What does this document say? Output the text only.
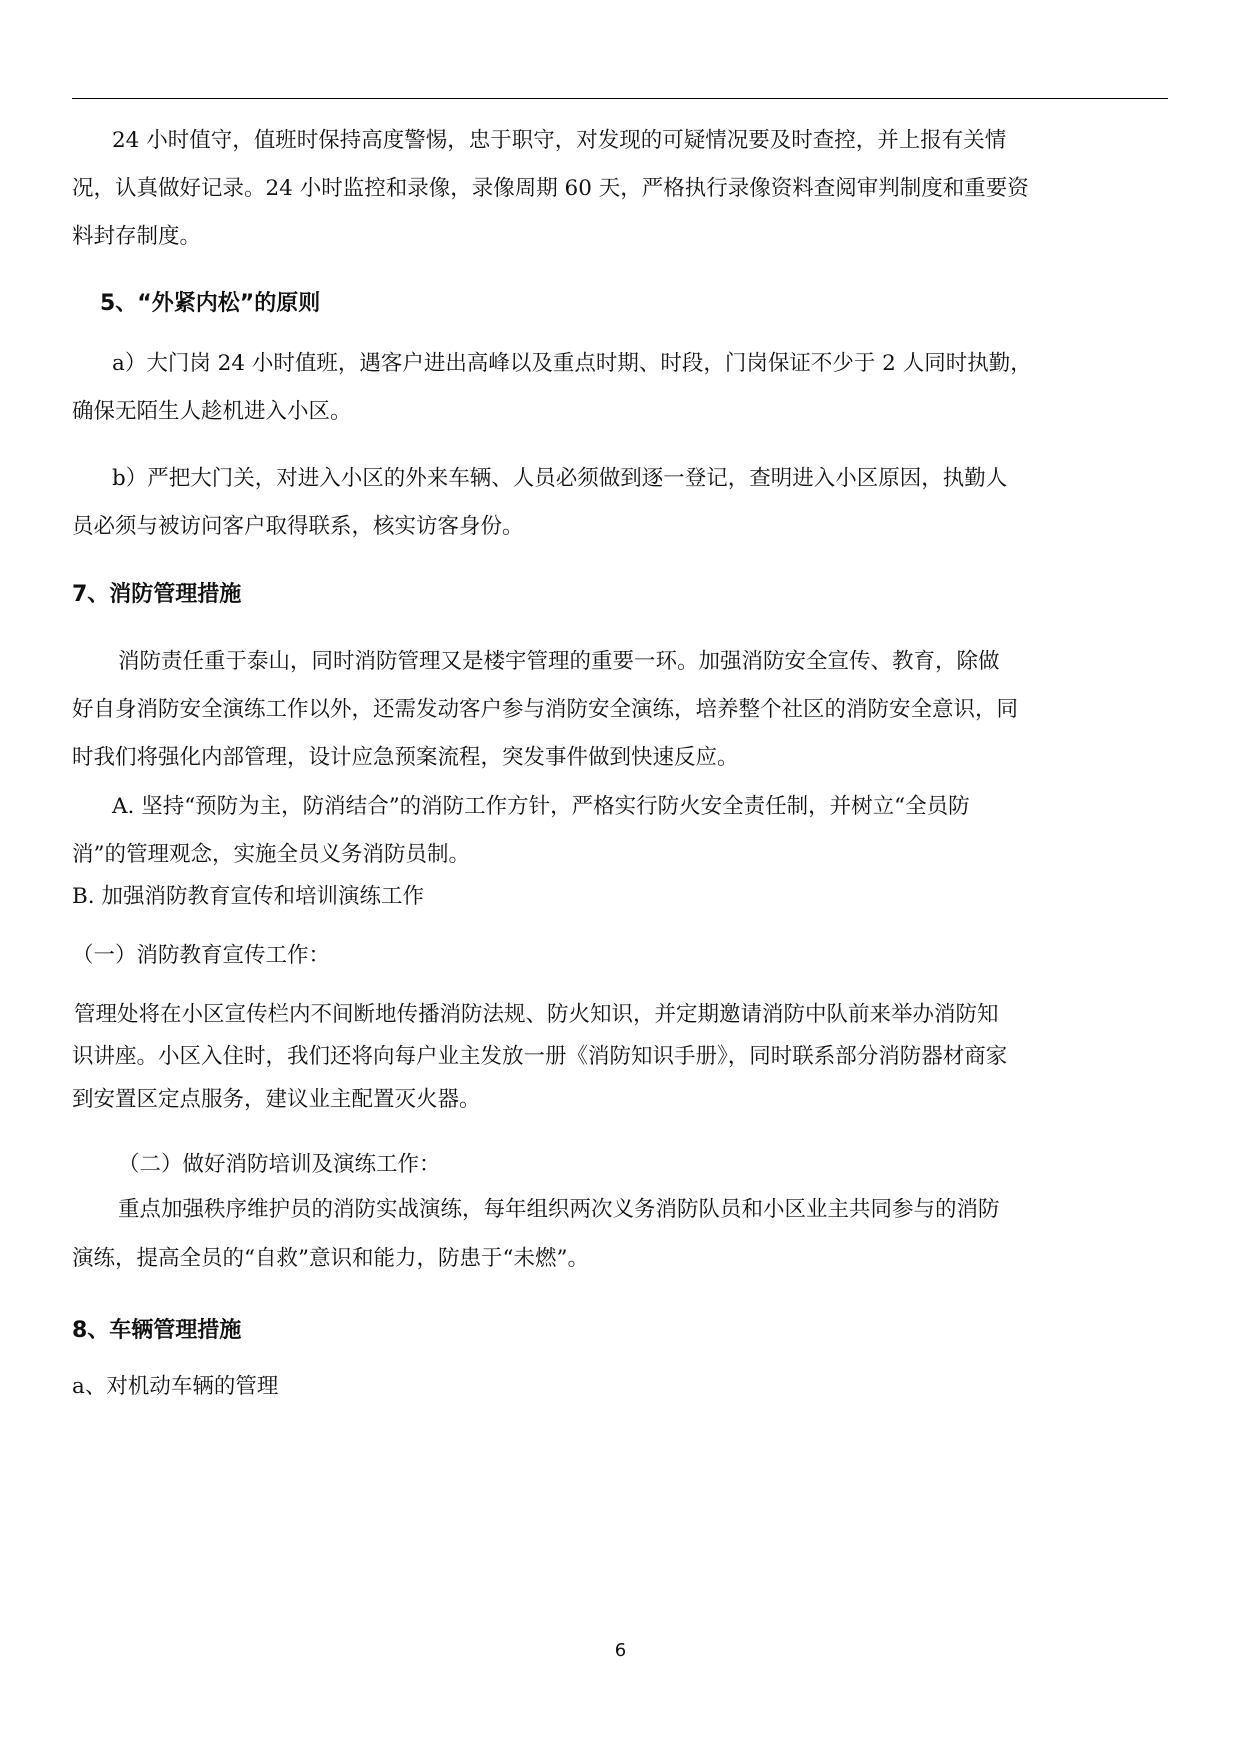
24 小时值守，值班时保持高度警惕，忠于职守，对发现的可疑情况要及时查控，并上报有关情

况，认真做好记录。24 小时监控和录像，录像周期 60 天，严格执行录像资料查阅审判制度和重要资

料封存制度。

5、“外紧内松”的原则

a）大门岗 24 小时值班，遇客户进出高峰以及重点时期、时段，门岗保证不少于 2 人同时执勤，

确保无陌生人趁机进入小区。

b）严把大门关，对进入小区的外来车辆、人员必须做到逐一登记，查明进入小区原因，执勤人

员必须与被访问客户取得联系，核实访客身份。

7、消防管理措施

消防责任重于泰山，同时消防管理又是楼宇管理的重要一环。加强消防安全宣传、教育，除做

好自身消防安全演练工作以外，还需发动客户参与消防安全演练，培养整个社区的消防安全意识，同

时我们将强化内部管理，设计应急预案流程，突发事件做到快速反应。

A. 坚持“预防为主，防消结合”的消防工作方针，严格实行防火安全责任制，并树立“全员防

消”的管理观念，实施全员义务消防员制。

B. 加强消防教育宣传和培训演练工作

（一）消防教育宣传工作：

管理处将在小区宣传栏内不间断地传播消防法规、防火知识，并定期邀请消防中队前来举办消防知

识讲座。小区入住时，我们还将向每户业主发放一册《消防知识手册》，同时联系部分消防器材商家

到安置区定点服务，建议业主配置灭火器。

（二）做好消防培训及演练工作：

重点加强秩序维护员的消防实战演练，每年组织两次义务消防队员和小区业主共同参与的消防

演练，提高全员的“自救”意识和能力，防患于“未燃”。

8、车辆管理措施

a、对机动车辆的管理

6
